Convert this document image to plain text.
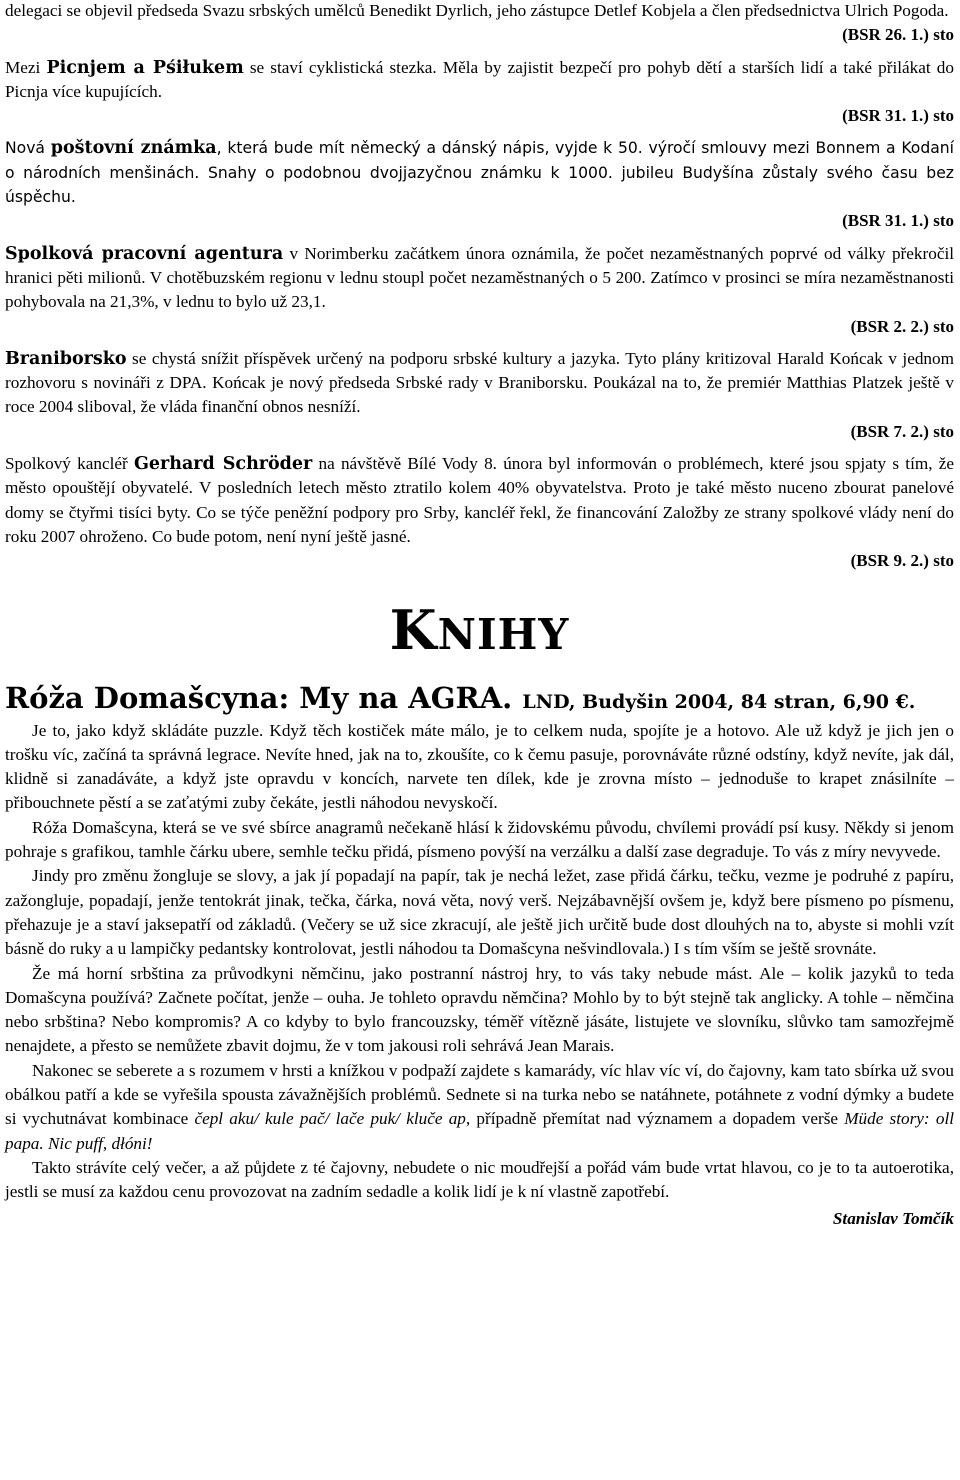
delegaci se objevil předseda Svazu srbských umělců Benedikt Dyrlich, jeho zástupce Detlef Kobjela a člen předsednictva Ulrich Pogoda.

(BSR 26. 1.) sto

Mezi Picnjem a Pśiłukem se staví cyklistická stezka. Měla by zajistit bezpečí pro pohyb dětí a starších lidí a také přilákat do Picnja více kupujících.

(BSR 31. 1.) sto

Nová poštovní známka, která bude mít německý a dánský nápis, vyjde k 50. výročí smlouvy mezi Bonnem a Kodaní o národních menšinách. Snahy o podobnou dvojjazyčnou známku k 1000. jubileu Budyšína zůstaly svého času bez úspěchu.

(BSR 31. 1.) sto

Spolková pracovní agentura v Norimberku začátkem února oznámila, že počet nezaměstnaných poprvé od války překročil hranici pěti milionů. V chotěbuzském regionu v lednu stoupl počet nezaměstnaných o 5 200. Zatímco v prosinci se míra nezaměstnanosti pohybovala na 21,3%, v lednu to bylo už 23,1.

(BSR 2. 2.) sto

Braniborsko se chystá snížit příspěvek určený na podporu srbské kultury a jazyka. Tyto plány kritizoval Harald Końcak v jednom rozhovoru s novináři z DPA. Końcak je nový předseda Srbské rady v Braniborsku. Poukázal na to, že premiér Matthias Platzek ještě v roce 2004 sliboval, že vláda finanční obnos nesníží.

(BSR 7. 2.) sto

Spolkový kancléř Gerhard Schröder na návštěvě Bílé Vody 8. února byl informován o problémech, které jsou spjaty s tím, že město opouštějí obyvatelé. V posledních letech město ztratilo kolem 40% obyvatelstva. Proto je také město nuceno zbourat panelové domy se čtyřmi tisíci byty. Co se týče peněžní podpory pro Srby, kancléř řekl, že financování Založby ze strany spolkové vlády není do roku 2007 ohroženo. Co bude potom, není nyní ještě jasné.

(BSR 9. 2.) sto
KNIHY
Róža Domašcyna: My na AGRA. LND, Budyšin 2004, 84 stran, 6,90 €.

Je to, jako když skládáte puzzle. Když těch kostiček máte málo, je to celkem nuda, spojíte je a hotovo. Ale už když je jich jen o trošku víc, začíná ta správná legrace. Nevíte hned, jak na to, zkoušíte, co k čemu pasuje, porovnáváte různé odstíny, když nevíte, jak dál, klidně si zanadáváte, a když jste opravdu v koncích, narvete ten dílek, kde je zrovna místo – jednoduše to krapet znásilníte – přibouchnete pěstí a se zaťatými zuby čekáte, jestli náhodou nevyskočí.

Róža Domašcyna, která se ve své sbírce anagramů nečekaně hlásí k židovskému původu, chvílemi provádí psí kusy. Někdy si jenom pohraje s grafikou, tamhle čárku ubere, semhle tečku přidá, písmeno povýší na verzálku a další zase degraduje. To vás z míry nevyvede.

Jindy pro změnu žongluje se slovy, a jak jí popadají na papír, tak je nechá ležet, zase přidá čárku, tečku, vezme je podruhé z papíru, zažongluje, popadají, jenže tentokrát jinak, tečka, čárka, nová věta, nový verš. Nejzábavnější ovšem je, když bere písmeno po písmenu, přehazuje je a staví jaksepatří od základů. (Večery se už sice zkracují, ale ještě jich určitě bude dost dlouhých na to, abyste si mohli vzít básně do ruky a u lampičky pedantsky kontrolovat, jestli náhodou ta Domašcyna nešvindlovala.) I s tím vším se ještě srovnáte.

Že má horní srbština za průvodkyni němčinu, jako postranní nástroj hry, to vás taky nebude mást. Ale – kolik jazyků to teda Domašcyna používá? Začnete počítat, jenže – ouha. Je tohleto opravdu němčina? Mohlo by to být stejně tak anglicky. A tohle – němčina nebo srbština? Nebo kompromis? A co kdyby to bylo francouzsky, téměř vítězně jásáte, listujete ve slovníku, slůvko tam samozřejmě nenajdete, a přesto se nemůžete zbavit dojmu, že v tom jakousi roli sehrává Jean Marais.

Nakonec se seberete a s rozumem v hrsti a knížkou v podpaží zajdete s kamarády, víc hlav víc ví, do čajovny, kam tato sbírka už svou obálkou patří a kde se vyřešila spousta závažnějších problémů. Sednete si na turka nebo se natáhnete, potáhnete z vodní dýmky a budete si vychutnávat kombinace čepl aku/ kule pač/ lače puk/ kluče ap, případně přemítat nad významem a dopadem verše Müde story: oll papa. Nic puff, dłóni!

Takto strávíte celý večer, a až půjdete z té čajovny, nebudete o nic moudřejší a pořád vám bude vrtat hlavou, co je to ta autoerotika, jestli se musí za každou cenu provozovat na zadním sedadle a kolik lidí je k ní vlastně zapotřebí.

Stanislav Tomčík
